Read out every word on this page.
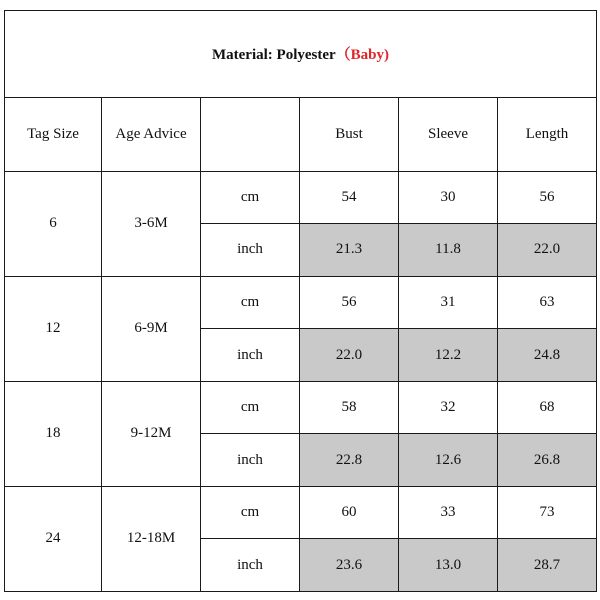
Material: Polyester（Baby)					
Tag Size	Age Advice		Bust	Sleeve	Length
6	3-6M	cm	54	30	56
		inch	21.3	11.8	22.0
12	6-9M	cm	56	31	63
		inch	22.0	12.2	24.8
18	9-12M	cm	58	32	68
		inch	22.8	12.6	26.8
24	12-18M	cm	60	33	73
		inch	23.6	13.0	28.7
